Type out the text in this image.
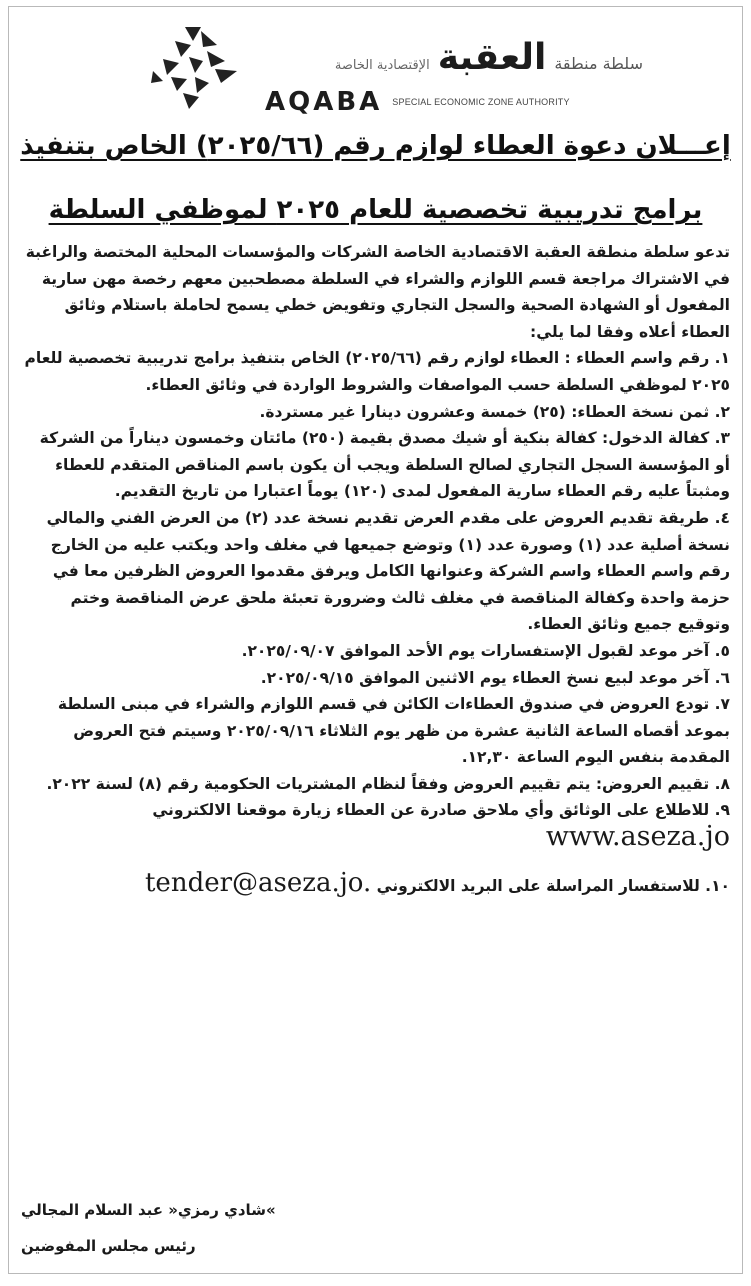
سلطة منطقة
العقبة
الإقتصادية الخاصة
AQABA SPECIAL ECONOMIC ZONE AUTHORITY
إعـــلان دعوة العطاء لوازم رقم (٢٠٢٥/٦٦) الخاص بتنفيذ
برامج تدريبية تخصصية للعام ٢٠٢٥ لموظفي السلطة

تدعو سلطة منطقة العقبة الاقتصادية الخاصة الشركات والمؤسسات المحلية المختصة والراغبة في الاشتراك مراجعة قسم اللوازم والشراء في السلطة مصطحبين معهم رخصة مهن سارية المفعول أو الشهادة الصحية والسجل التجاري وتفويض خطي يسمح لحاملة باستلام وثائق العطاء أعلاه وفقا لما يلي:

١. رقم واسم العطاء : العطاء لوازم رقم (٢٠٢٥/٦٦) الخاص بتنفيذ برامج تدريبية تخصصية للعام ٢٠٢٥ لموظفي السلطة حسب المواصفات والشروط الواردة في وثائق العطاء.

٢. ثمن نسخة العطاء: (٢٥) خمسة وعشرون دينارا غير مستردة.

٣. كفالة الدخول: كفالة بنكية أو شيك مصدق بقيمة (٢٥٠) مائتان وخمسون ديناراً من الشركة أو المؤسسة السجل التجاري لصالح السلطة ويجب أن يكون باسم المناقص المتقدم للعطاء ومثبتاً عليه رقم العطاء سارية المفعول لمدى (١٢٠) يوماً اعتبارا من تاريخ التقديم.

٤. طريقة تقديم العروض على مقدم العرض تقديم نسخة عدد (٢) من العرض الفني والمالي نسخة أصلية عدد (١) وصورة عدد (١) وتوضع جميعها في مغلف واحد ويكتب عليه من الخارج رقم واسم العطاء واسم الشركة وعنوانها الكامل ويرفق مقدموا العروض الظرفين معا في حزمة واحدة وكفالة المناقصة في مغلف ثالث وضرورة تعبئة ملحق عرض المناقصة وختم وتوقيع جميع وثائق العطاء.

٥. آخر موعد لقبول الإستفسارات يوم الأحد الموافق ٢٠٢٥/٠٩/٠٧.

٦. آخر موعد لبيع نسخ العطاء يوم الاثنين الموافق ٢٠٢٥/٠٩/١٥.

٧. تودع العروض في صندوق العطاءات الكائن في قسم اللوازم والشراء في مبنى السلطة بموعد أقصاه الساعة الثانية عشرة من ظهر يوم الثلاثاء ٢٠٢٥/٠٩/١٦ وسيتم فتح العروض المقدمة بنفس اليوم الساعة ١٢,٣٠.

٨. تقييم العروض: يتم تقييم العروض وفقاً لنظام المشتريات الحكومية رقم (٨) لسنة ٢٠٢٢.

٩. للاطلاع على الوثائق وأي ملاحق صادرة عن العطاء زيارة موقعنا الالكتروني

www.aseza.jo

١٠. للاستفسار المراسلة على البريد الالكتروني tender@aseza.jo.

»شادي رمزي« عبد السلام المجالي
رئيس مجلس المفوضين
